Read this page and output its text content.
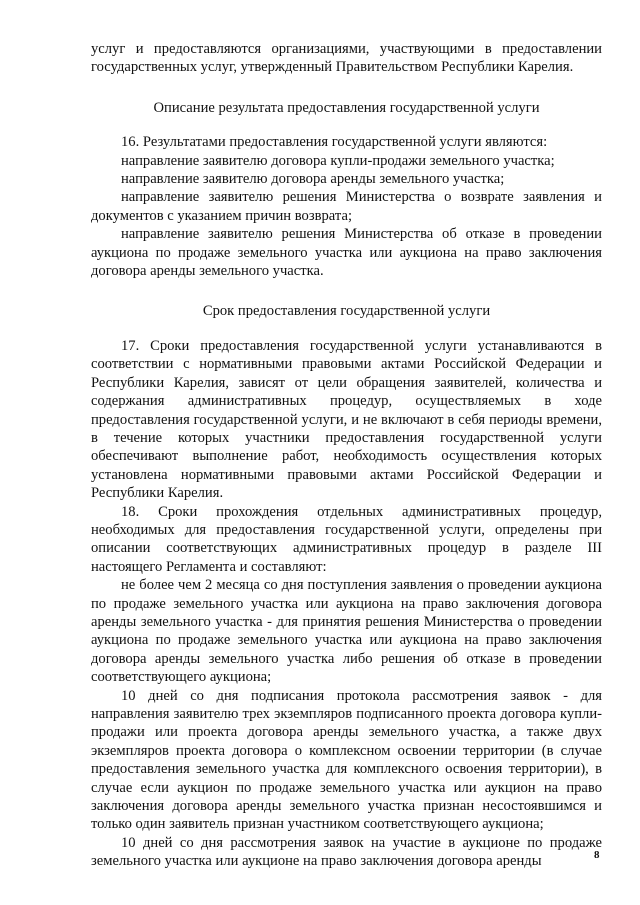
услуг и предоставляются организациями, участвующими в предоставлении государственных услуг, утвержденный Правительством Республики Карелия.

Описание результата предоставления государственной услуги

16. Результатами предоставления государственной услуги являются:

направление заявителю договора купли-продажи земельного участка;

направление заявителю договора аренды земельного участка;

направление заявителю решения Министерства о возврате заявления и документов с указанием причин возврата;

направление заявителю решения Министерства об отказе в проведении аукциона по продаже земельного участка или аукциона на право заключения договора аренды земельного участка.

Срок предоставления государственной услуги

17. Сроки предоставления государственной услуги устанавливаются в соответствии с нормативными правовыми актами Российской Федерации и Республики Карелия, зависят от цели обращения заявителей, количества и содержания административных процедур, осуществляемых в ходе предоставления государственной услуги, и не включают в себя периоды времени, в течение которых участники предоставления государственной услуги обеспечивают выполнение работ, необходимость осуществления которых установлена нормативными правовыми актами Российской Федерации и Республики Карелия.

18. Сроки прохождения отдельных административных процедур, необходимых для предоставления государственной услуги, определены при описании соответствующих административных процедур в разделе III настоящего Регламента и составляют:

не более чем 2 месяца со дня поступления заявления о проведении аукциона по продаже земельного участка или аукциона на право заключения договора аренды земельного участка - для принятия решения Министерства о проведении аукциона по продаже земельного участка или аукциона на право заключения договора аренды земельного участка либо решения об отказе в проведении соответствующего аукциона;

10 дней со дня подписания протокола рассмотрения заявок - для направления заявителю трех экземпляров подписанного проекта договора купли-продажи или проекта договора аренды земельного участка, а также двух экземпляров проекта договора о комплексном освоении территории (в случае предоставления земельного участка для комплексного освоения территории), в случае если аукцион по продаже земельного участка или аукцион на право заключения договора аренды земельного участка признан несостоявшимся и только один заявитель признан участником соответствующего аукциона;

10 дней со дня рассмотрения заявок на участие в аукционе по продаже земельного участка или аукционе на право заключения договора аренды	8
